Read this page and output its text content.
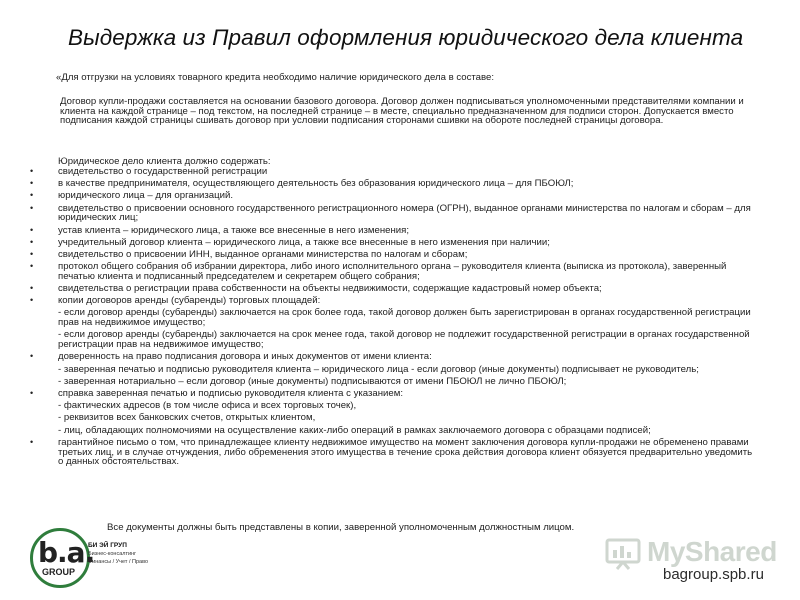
Выдержка из Правил оформления юридического дела клиента
«Для отгрузки на условиях товарного кредита необходимо наличие юридического дела в составе:
Договор купли-продажи составляется на основании базового договора. Договор должен подписываться уполномоченными представителями компании и клиента на каждой странице – под текстом, на последней странице – в месте, специально предназначенном для подписи сторон. Допускается вместо подписания каждой страницы сшивать договор при условии подписания сторонами сшивки на обороте последней страницы договора.
Юридическое дело клиента должно содержать:
•	свидетельство о государственной регистрации
•	в качестве предпринимателя, осуществляющего деятельность без образования юридического лица – для ПБОЮЛ;
•	юридического лица – для организаций.
•	свидетельство о присвоении основного государственного регистрационного номера (ОГРН), выданное органами министерства по налогам и сборам – для юридических лиц;
•	устав клиента – юридического лица, а также все внесенные в него изменения;
•	учредительный договор клиента – юридического лица, а также все внесенные в него изменения при наличии;
•	свидетельство о присвоении ИНН, выданное органами министерства по налогам и сборам;
•	протокол общего собрания об избрании директора, либо иного исполнительного органа – руководителя клиента (выписка из протокола), заверенный печатью клиента и подписанный председателем и секретарем общего собрания;
•	свидетельства о регистрации права собственности на объекты недвижимости, содержащие кадастровый номер объекта;
•	копии договоров аренды (субаренды) торговых площадей:
- если договор аренды (субаренды) заключается на срок более года, такой договор должен быть зарегистрирован в органах государственной регистрации прав на недвижимое имущество;
- если договор аренды (субаренды) заключается на срок менее года, такой договор не подлежит государственной регистрации в органах государственной регистрации прав на недвижимое имущество;
•	доверенность на право подписания договора и иных документов от имени клиента:
- заверенная печатью и подписью руководителя клиента – юридического лица - если договор (иные документы) подписывает не руководитель;
- заверенная нотариально – если договор (иные документы) подписываются от имени ПБОЮЛ не лично ПБОЮЛ;
•	справка заверенная печатью и подписью руководителя клиента с указанием:
- фактических адресов (в том числе офиса и всех торговых точек),
- реквизитов всех банковских счетов, открытых клиентом,
- лиц, обладающих полномочиями на осуществление каких-либо операций в рамках заключаемого договора с образцами подписей;
•	гарантийное письмо о том, что принадлежащее клиенту недвижимое имущество на момент заключения договора купли-продажи не обременено правами третьих лиц, и в случае отчуждения, либо обременения этого имущества в течение срока действия договора клиент обязуется предварительно уведомить о данных обстоятельствах.
Все документы должны быть представлены в копии, заверенной уполномоченным должностным лицом.
b.a.
GROUP
БИ ЭЙ ГРУП
Бизнес-консалтинг
Финансы / Учет / Право	MyShared
bagroup.spb.ru
